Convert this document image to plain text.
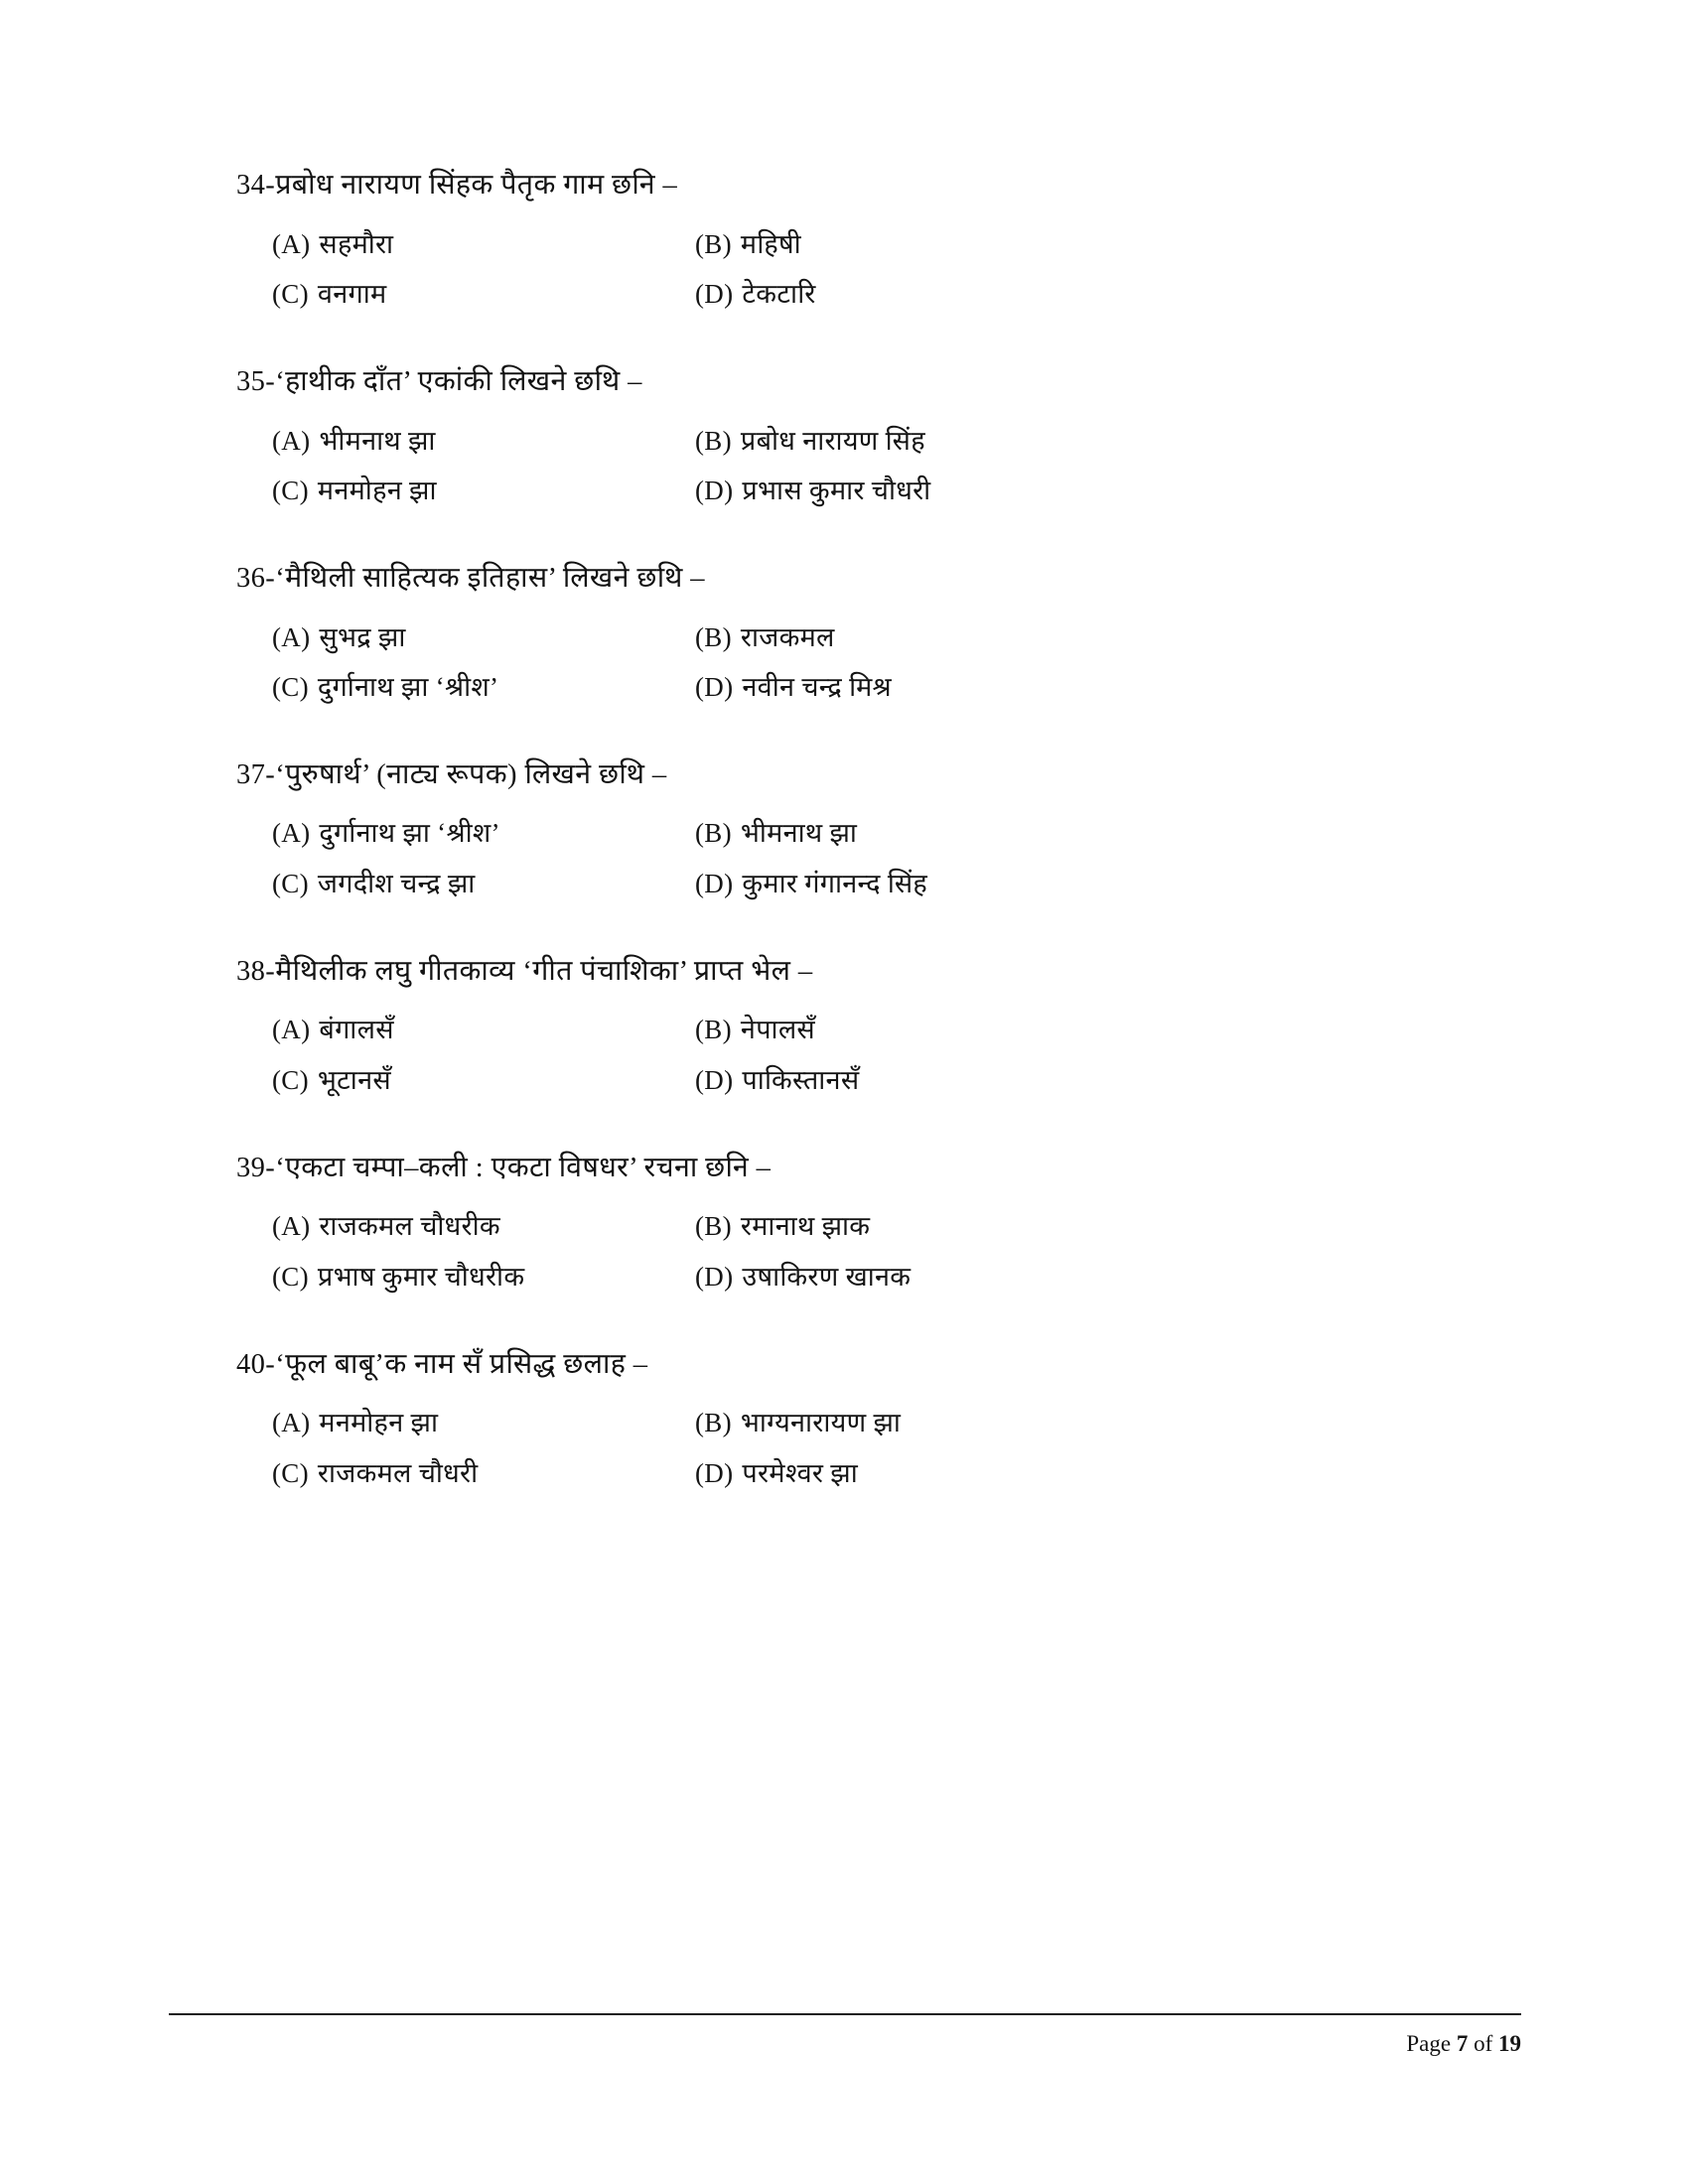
34-प्रबोध नारायण सिंहक पैतृक गाम छनि –
(A) सहमौरा	(B) महिषी
(C) वनगाम	(D) टेकटारि
35-‘हाथीक दाँत’ एकांकी लिखने छथि –
(A) भीमनाथ झा	(B) प्रबोध नारायण सिंह
(C) मनमोहन झा	(D) प्रभास कुमार चौधरी
36-‘मैथिली साहित्यक इतिहास’ लिखने छथि –
(A) सुभद्र झा	(B) राजकमल
(C) दुर्गानाथ झा ‘श्रीश’	(D) नवीन चन्द्र मिश्र
37-‘पुरुषार्थ’ (नाट्य रूपक) लिखने छथि –
(A) दुर्गानाथ झा ‘श्रीश’	(B) भीमनाथ झा
(C) जगदीश चन्द्र झा	(D) कुमार गंगानन्द सिंह
38-मैथिलीक लघु गीतकाव्य ‘गीत पंचाशिका’ प्राप्त भेल –
(A) बंगालसँ	(B) नेपालसँ
(C) भूटानसँ	(D) पाकिस्तानसँ
39-‘एकटा चम्पा–कली : एकटा विषधर’ रचना छनि –
(A) राजकमल चौधरीक	(B) रमानाथ झाक
(C) प्रभाष कुमार चौधरीक	(D) उषाकिरण खानक
40-‘फूल बाबू’क नाम सँ प्रसिद्ध छलाह –
(A) मनमोहन झा	(B) भाग्यनारायण झा
(C) राजकमल चौधरी	(D) परमेश्वर झा
Page 7 of 19
